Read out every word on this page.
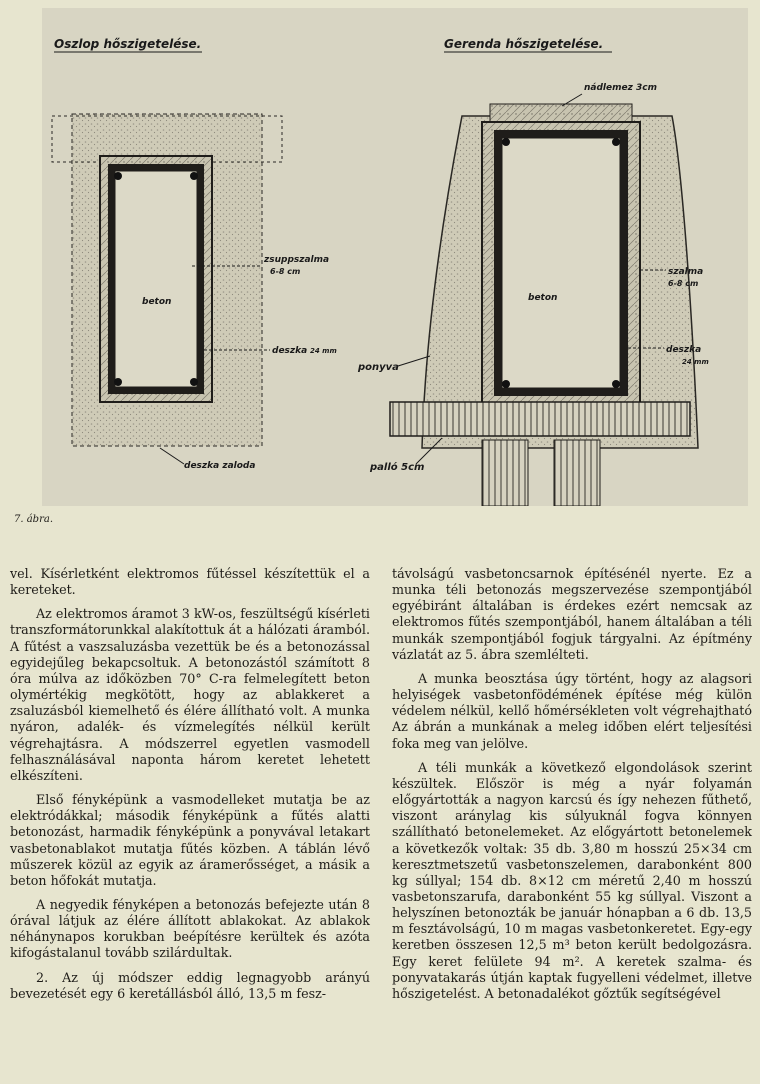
Oszlop hőszigetelése.
beton
zsuppszalma
6-8 cm
deszka 24 mm
deszka zaloda
Gerenda hőszigetelése.
beton
nádlemez 3cm
szalma
6-8 cm
deszka
24 mm
ponyva
palló 5cm
7. ábra.

vel. Kísérletként elektromos fűtéssel készítettük el a kereteket.

Az elektromos áramot 3 kW-os, feszültségű kísérleti transzformátorunkkal alakítottuk át a hálózati áramból. A fűtést a vaszsaluzásba vezettük be és a betonozással egyidejűleg bekapcsoltuk. A betonozástól számított 8 óra múlva az időközben 70° C-ra felmelegített beton olymértékig megkötött, hogy az ablakkeret a zsaluzásból kiemelhető és élére állítható volt. A munka nyáron, adalék- és vízmelegítés nélkül került végrehajtásra. A módszerrel egyetlen vasmodell felhasználásával naponta három keretet lehetett elkészíteni.

Első fényképünk a vasmodelleket mutatja be az elektródákkal; második fényképünk a fűtés alatti betonozást, harmadik fényképünk a ponyvával letakart vasbetonablakot mutatja fűtés közben. A táblán lévő műszerek közül az egyik az áramerősséget, a másik a beton hőfokát mutatja.

A negyedik fényképen a betonozás befejezte után 8 órával látjuk az élére állított ablakokat. Az ablakok néhánynapos korukban beépítésre kerültek és azóta kifogástalanul tovább szilárdultak.

2. Az új módszer eddig legnagyobb arányú bevezetését egy 6 keretállásból álló, 13,5 m fesz-

távolságú vasbetoncsarnok építésénél nyerte. Ez a munka téli betonozás megszervezése szempontjából egyébiránt általában is érdekes ezért nemcsak az elektromos fűtés szempontjából, hanem általában a téli munkák szempontjából fogjuk tárgyalni. Az építmény vázlatát az 5. ábra szemlélteti.

A munka beosztása úgy történt, hogy az alagsori helyiségek vasbetonfödémének építése még külön védelem nélkül, kellő hőmérsékleten volt végrehajtható Az ábrán a munkának a meleg időben elért teljesítési foka meg van jelölve.

A téli munkák a következő elgondolások szerint készültek. Először is még a nyár folyamán előgyártották a nagyon karcsú és így nehezen fűthető, viszont aránylag kis súlyuknál fogva könnyen szállítható betonelemeket. Az előgyártott betonelemek a következők voltak: 35 db. 3,80 m hosszú 25×34 cm keresztmetszetű vasbetonszelemen, darabonként 800 kg súllyal; 154 db. 8×12 cm méretű 2,40 m hosszú vasbetonszarufa, darabonként 55 kg súllyal. Viszont a helyszínen betonozták be január hónapban a 6 db. 13,5 m fesztávolságú, 10 m magas vasbetonkeretet. Egy-egy keretben összesen 12,5 m³ beton került bedolgozásra. Egy keret felülete 94 m². A keretek szalma- és ponyvatakarás útján kaptak fugyelleni védelmet, illetve hőszigetelést. A betonadalékot gőztűk segítségével
